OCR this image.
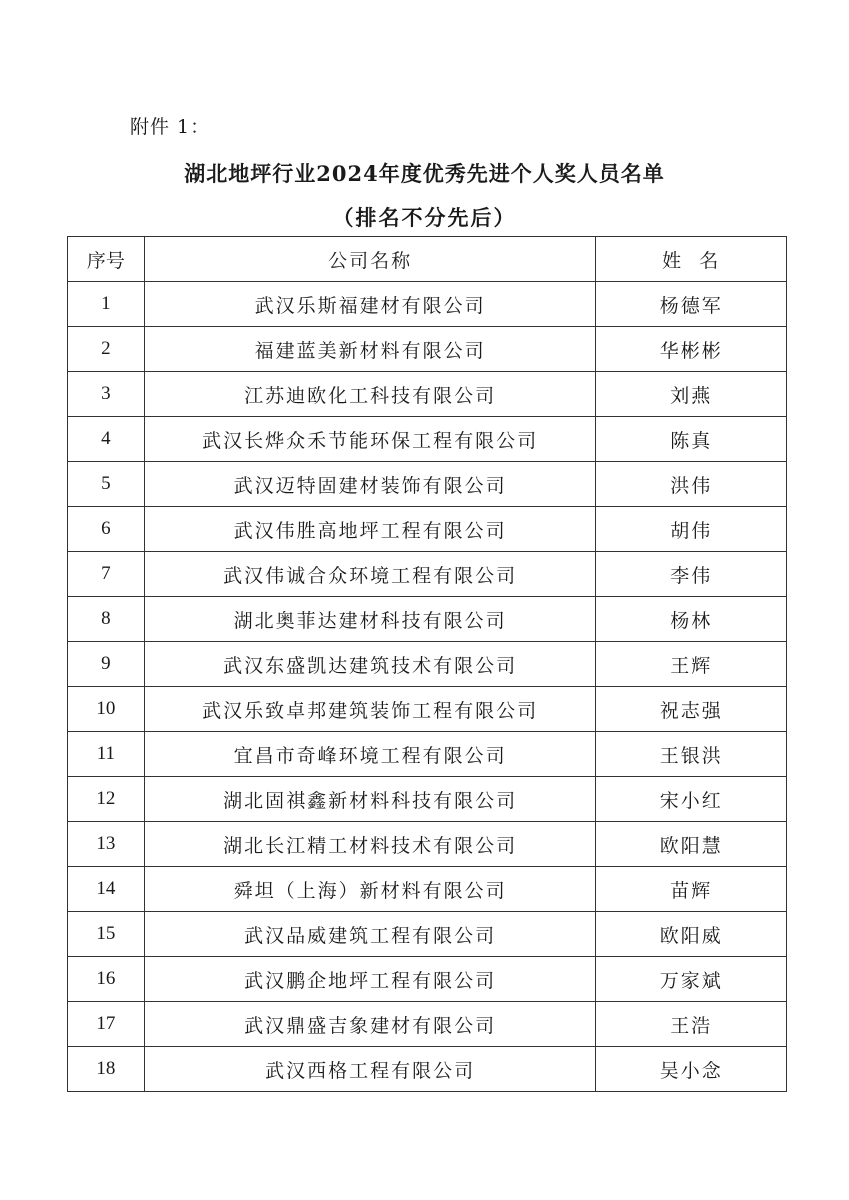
附件 1：
湖北地坪行业2024年度优秀先进个人奖人员名单
（排名不分先后）
序号	公司名称	姓  名
1	武汉乐斯福建材有限公司	杨德军
2	福建蓝美新材料有限公司	华彬彬
3	江苏迪欧化工科技有限公司	刘燕
4	武汉长烨众禾节能环保工程有限公司	陈真
5	武汉迈特固建材装饰有限公司	洪伟
6	武汉伟胜高地坪工程有限公司	胡伟
7	武汉伟诚合众环境工程有限公司	李伟
8	湖北奥菲达建材科技有限公司	杨林
9	武汉东盛凯达建筑技术有限公司	王辉
10	武汉乐致卓邦建筑装饰工程有限公司	祝志强
11	宜昌市奇峰环境工程有限公司	王银洪
12	湖北固祺鑫新材料科技有限公司	宋小红
13	湖北长江精工材料技术有限公司	欧阳慧
14	舜坦（上海）新材料有限公司	苗辉
15	武汉品威建筑工程有限公司	欧阳威
16	武汉鹏企地坪工程有限公司	万家斌
17	武汉鼎盛吉象建材有限公司	王浩
18	武汉西格工程有限公司	吴小念
